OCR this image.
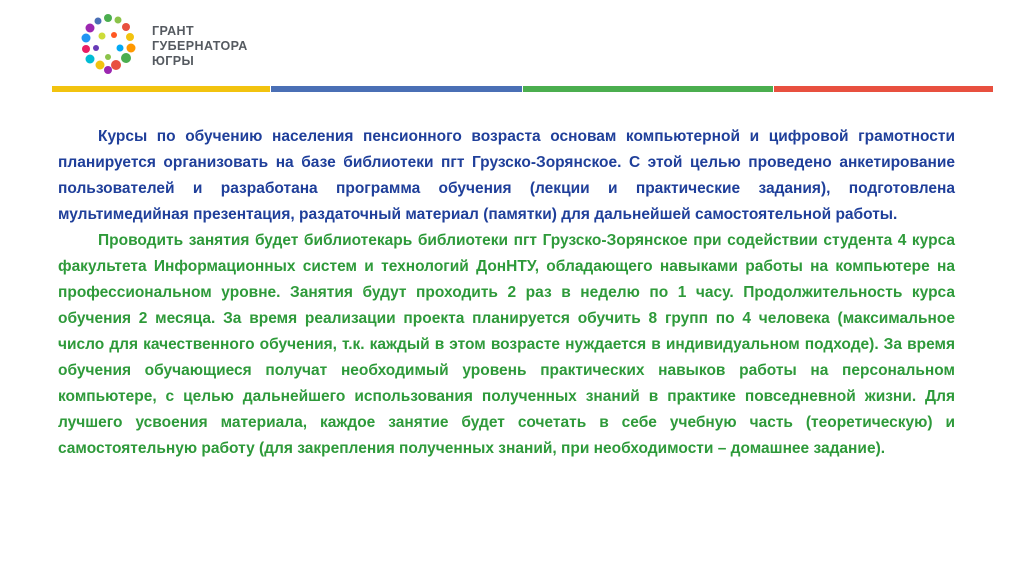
ГРАНТ
ГУБЕРНАТОРА
ЮГРЫ

Курсы по обучению населения пенсионного возраста основам компьютерной и цифровой грамотности планируется организовать на базе библиотеки пгт Грузско-Зорянское. С этой целью проведено анкетирование пользователей и разработана программа обучения (лекции и практические задания), подготовлена мультимедийная презентация, раздаточный материал (памятки) для дальнейшей самостоятельной работы.

Проводить занятия будет библиотекарь библиотеки пгт Грузско-Зорянское при содействии студента 4 курса факультета Информационных систем и технологий ДонНТУ, обладающего навыками работы на компьютере на профессиональном уровне. Занятия будут проходить 2 раз в неделю по 1 часу. Продолжительность курса обучения 2 месяца. За время реализации проекта планируется обучить 8 групп по 4 человека (максимальное число для качественного обучения, т.к. каждый в этом возрасте нуждается в индивидуальном подходе). За время обучения обучающиеся получат необходимый уровень практических навыков работы на персональном компьютере, с целью дальнейшего использования полученных знаний в практике повседневной жизни. Для лучшего усвоения материала, каждое занятие будет сочетать в себе учебную часть (теоретическую) и самостоятельную работу (для закрепления полученных знаний, при необходимости – домашнее задание).
